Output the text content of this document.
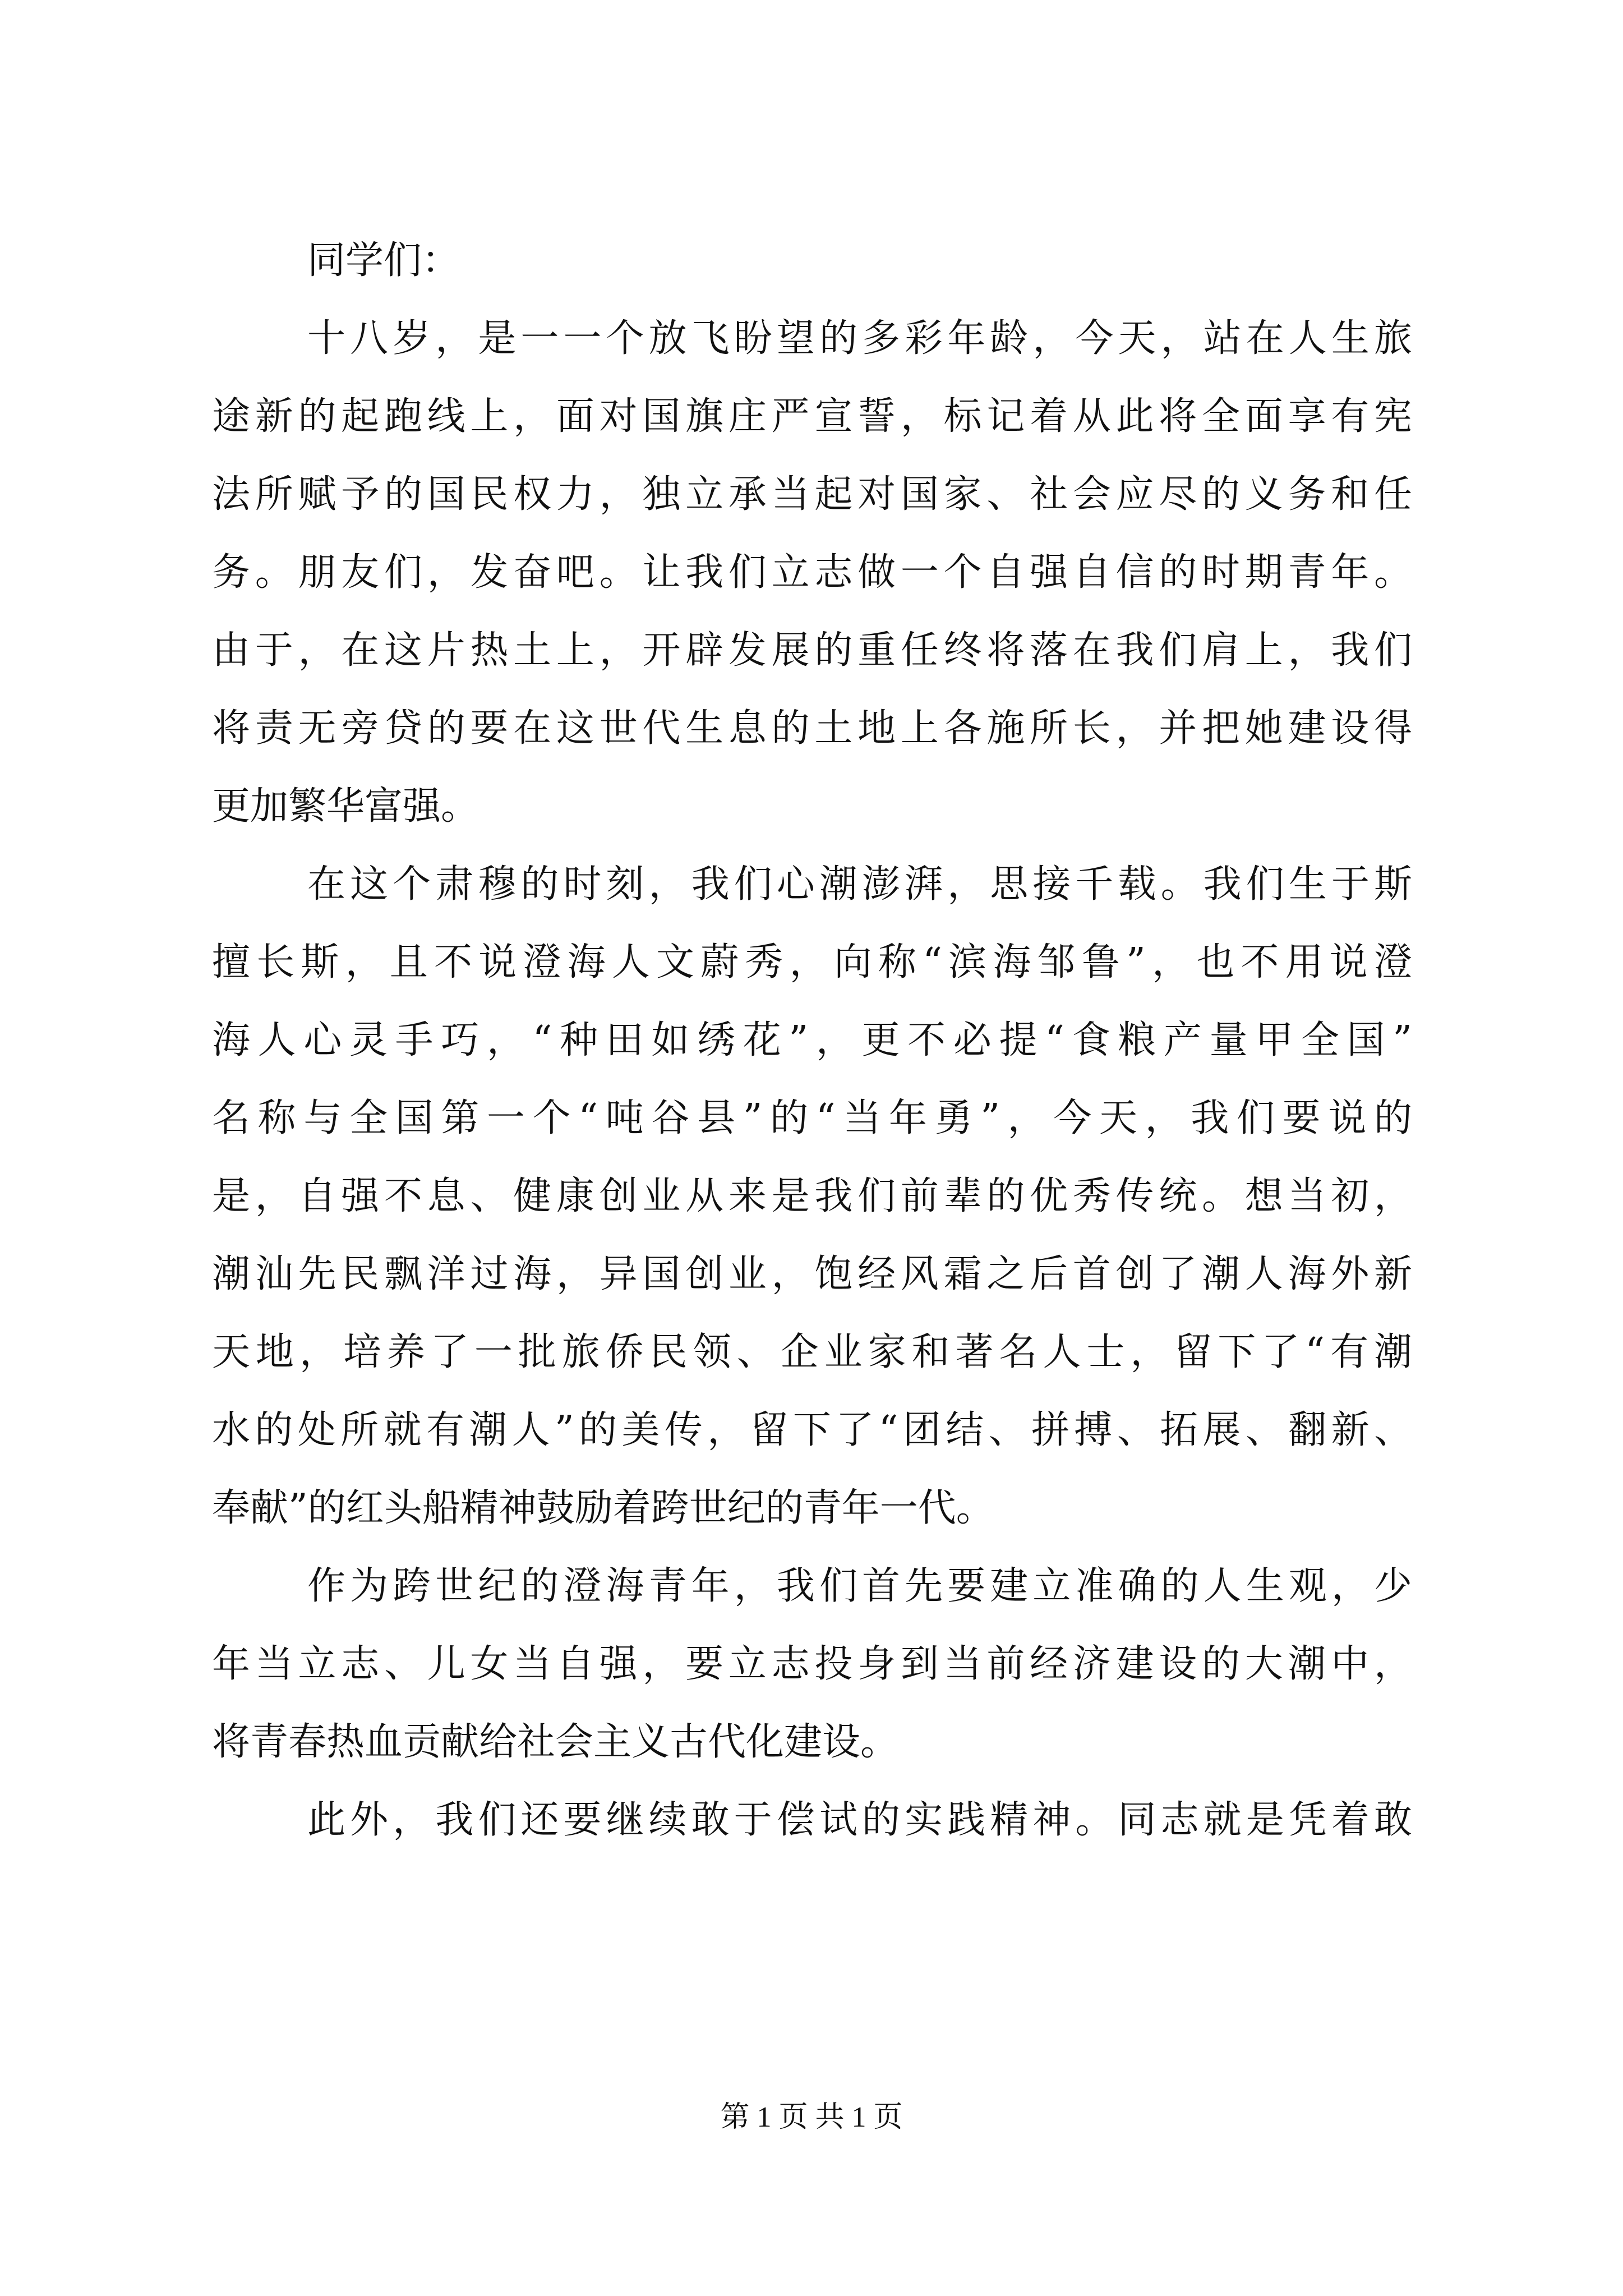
同学们：
十八岁，是一一个放飞盼望的多彩年龄，今天，站在人生旅
途新的起跑线上，面对国旗庄严宣誓，标记着从此将全面享有宪
法所赋予的国民权力，独立承当起对国家、社会应尽的义务和任
务。朋友们，发奋吧。让我们立志做一个自强自信的时期青年。
由于，在这片热土上，开辟发展的重任终将落在我们肩上，我们
将责无旁贷的要在这世代生息的土地上各施所长，并把她建设得
更加繁华富强。
在这个肃穆的时刻，我们心潮澎湃，思接千载。我们生于斯
擅长斯，且不说澄海人文蔚秀，向称“滨海邹鲁”，也不用说澄
海人心灵手巧，“种田如绣花”，更不必提“食粮产量甲全国”
名称与全国第一个“吨谷县”的“当年勇”，今天，我们要说的
是，自强不息、健康创业从来是我们前辈的优秀传统。想当初，
潮汕先民飘洋过海，异国创业，饱经风霜之后首创了潮人海外新
天地，培养了一批旅侨民领、企业家和著名人士，留下了“有潮
水的处所就有潮人”的美传，留下了“团结、拼搏、拓展、翻新、
奉献”的红头船精神鼓励着跨世纪的青年一代。
作为跨世纪的澄海青年，我们首先要建立准确的人生观，少
年当立志、儿女当自强，要立志投身到当前经济建设的大潮中，
将青春热血贡献给社会主义古代化建设。
此外，我们还要继续敢于偿试的实践精神。同志就是凭着敢
第 1 页 共 1 页
